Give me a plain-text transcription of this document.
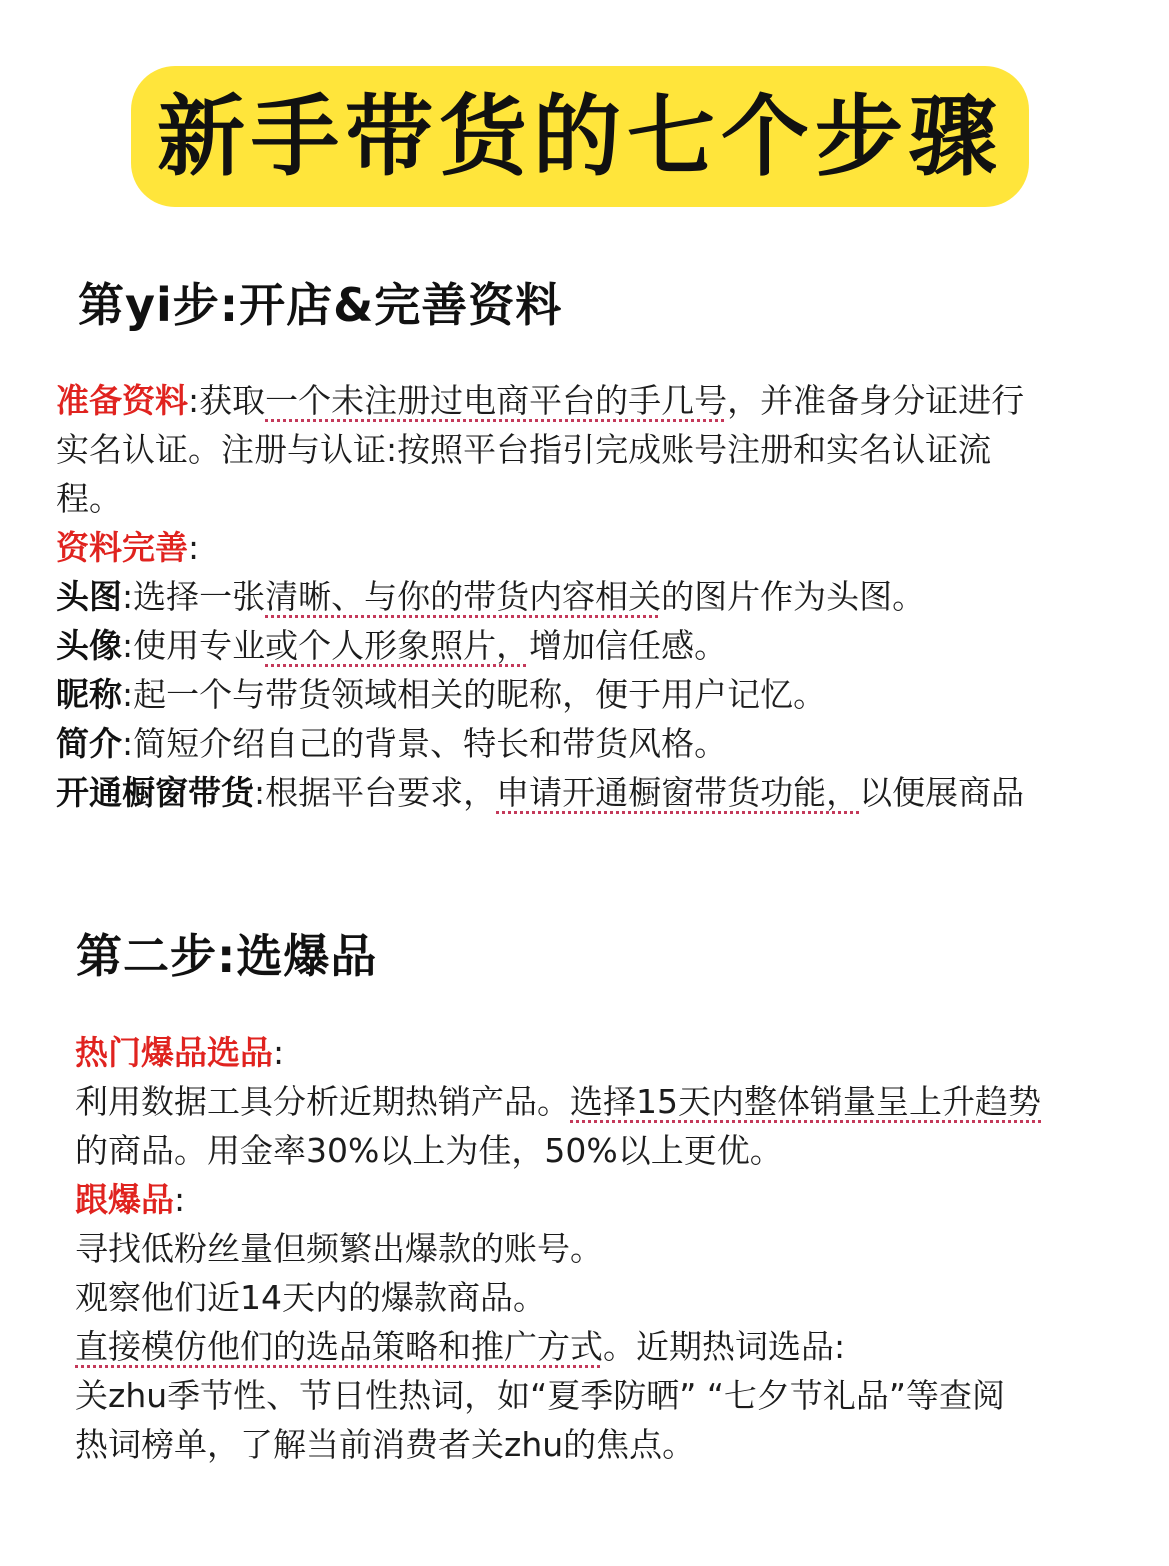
新手带货的七个步骤
第yi步:开店&完善资料
准备资料:获取一个未注册过电商平台的手几号，并准备身分证进行
实名认证。注册与认证:按照平台指引完成账号注册和实名认证流
程。
资料完善:
头图:选择一张清晰、与你的带货内容相关的图片作为头图。
头像:使用专业或个人形象照片，增加信任感。
昵称:起一个与带货领域相关的昵称，便于用户记忆。
简介:简短介绍自己的背景、特长和带货风格。
开通橱窗带货:根据平台要求，申请开通橱窗带货功能，以便展商品
第二步:选爆品
热门爆品选品:
利用数据工具分析近期热销产品。选择15天内整体销量呈上升趋势
的商品。用金率30%以上为佳，50%以上更优。
跟爆品:
寻找低粉丝量但频繁出爆款的账号。
观察他们近14天内的爆款商品。
直接模仿他们的选品策略和推广方式。近期热词选品:
关zhu季节性、节日性热词，如“夏季防晒” “七夕节礼品”等查阅
热词榜单，了解当前消费者关zhu的焦点。
